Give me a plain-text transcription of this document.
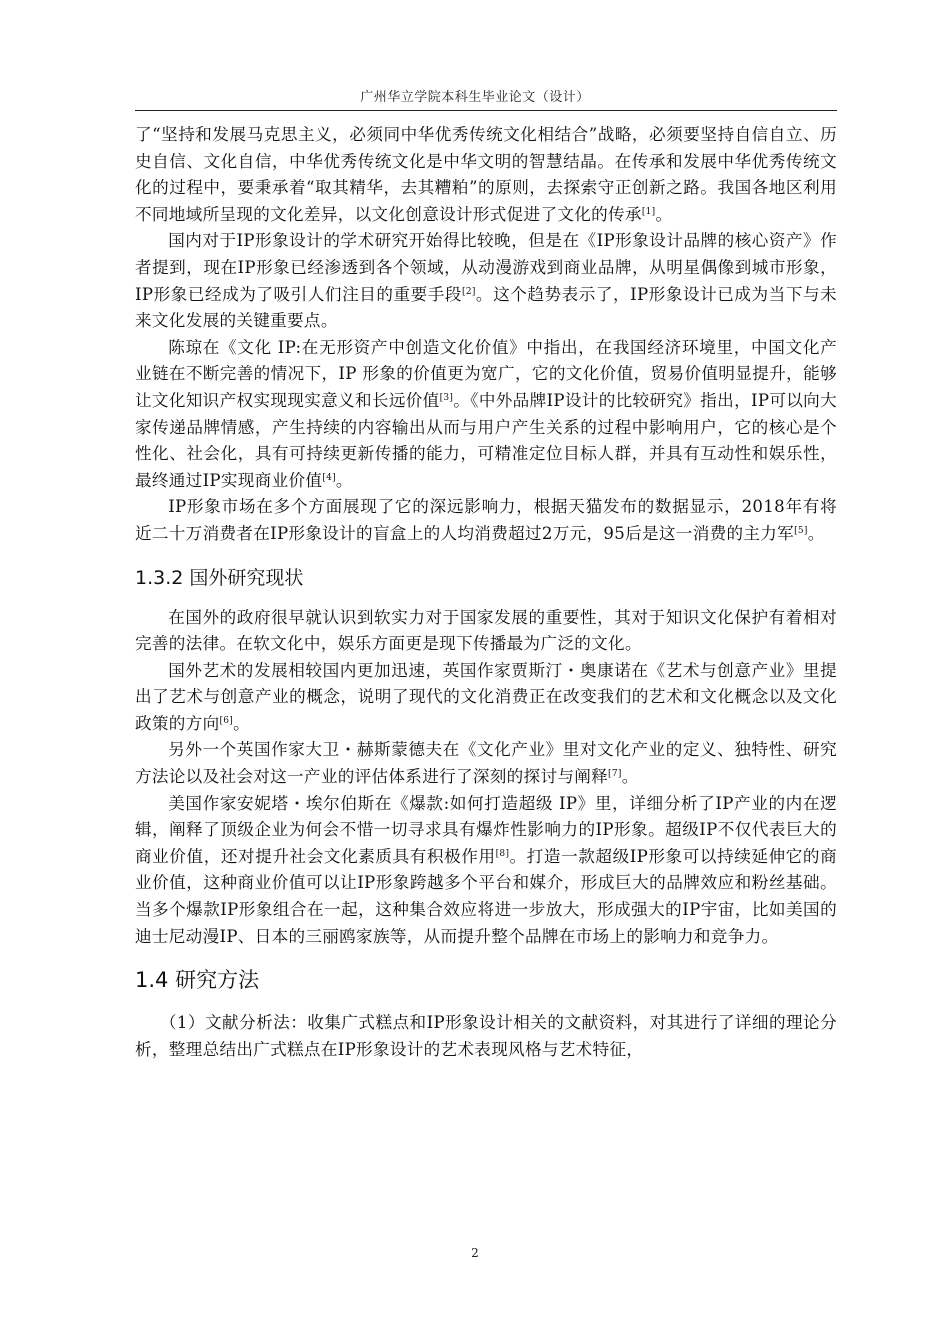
广州华立学院本科生毕业论文（设计）

了“坚持和发展马克思主义，必须同中华优秀传统文化相结合”战略，必须要坚持自信自立、历史自信、文化自信，中华优秀传统文化是中华文明的智慧结晶。在传承和发展中华优秀传统文化的过程中，要秉承着“取其精华，去其糟粕”的原则，去探索守正创新之路。我国各地区利用不同地域所呈现的文化差异，以文化创意设计形式促进了文化的传承[1]。

国内对于IP形象设计的学术研究开始得比较晚，但是在《IP形象设计品牌的核心资产》作者提到，现在IP形象已经渗透到各个领域，从动漫游戏到商业品牌，从明星偶像到城市形象，IP形象已经成为了吸引人们注目的重要手段[2]。这个趋势表示了，IP形象设计已成为当下与未来文化发展的关键重要点。

陈琼在《文化 IP:在无形资产中创造文化价值》中指出，在我国经济环境里，中国文化产业链在不断完善的情况下，IP 形象的价值更为宽广，它的文化价值，贸易价值明显提升，能够让文化知识产权实现现实意义和长远价值[3]。《中外品牌IP设计的比较研究》指出，IP可以向大家传递品牌情感，产生持续的内容输出从而与用户产生关系的过程中影响用户，它的核心是个性化、社会化，具有可持续更新传播的能力，可精准定位目标人群，并具有互动性和娱乐性，最终通过IP实现商业价值[4]。

IP形象市场在多个方面展现了它的深远影响力，根据天猫发布的数据显示，2018年有将近二十万消费者在IP形象设计的盲盒上的人均消费超过2万元，95后是这一消费的主力军[5]。

1.3.2 国外研究现状

在国外的政府很早就认识到软实力对于国家发展的重要性，其对于知识文化保护有着相对完善的法律。在软文化中，娱乐方面更是现下传播最为广泛的文化。

国外艺术的发展相较国内更加迅速，英国作家贾斯汀・奥康诺在《艺术与创意产业》里提出了艺术与创意产业的概念，说明了现代的文化消费正在改变我们的艺术和文化概念以及文化政策的方向[6]。

另外一个英国作家大卫・赫斯蒙德夫在《文化产业》里对文化产业的定义、独特性、研究方法论以及社会对这一产业的评估体系进行了深刻的探讨与阐释[7]。

美国作家安妮塔・埃尔伯斯在《爆款:如何打造超级 IP》里，详细分析了IP产业的内在逻辑，阐释了顶级企业为何会不惜一切寻求具有爆炸性影响力的IP形象。超级IP不仅代表巨大的商业价值，还对提升社会文化素质具有积极作用[8]。打造一款超级IP形象可以持续延伸它的商业价值，这种商业价值可以让IP形象跨越多个平台和媒介，形成巨大的品牌效应和粉丝基础。当多个爆款IP形象组合在一起，这种集合效应将进一步放大，形成强大的IP宇宙，比如美国的迪士尼动漫IP、日本的三丽鸥家族等，从而提升整个品牌在市场上的影响力和竞争力。

1.4 研究方法

（1）文献分析法：收集广式糕点和IP形象设计相关的文献资料，对其进行了详细的理论分析，整理总结出广式糕点在IP形象设计的艺术表现风格与艺术特征，

2
